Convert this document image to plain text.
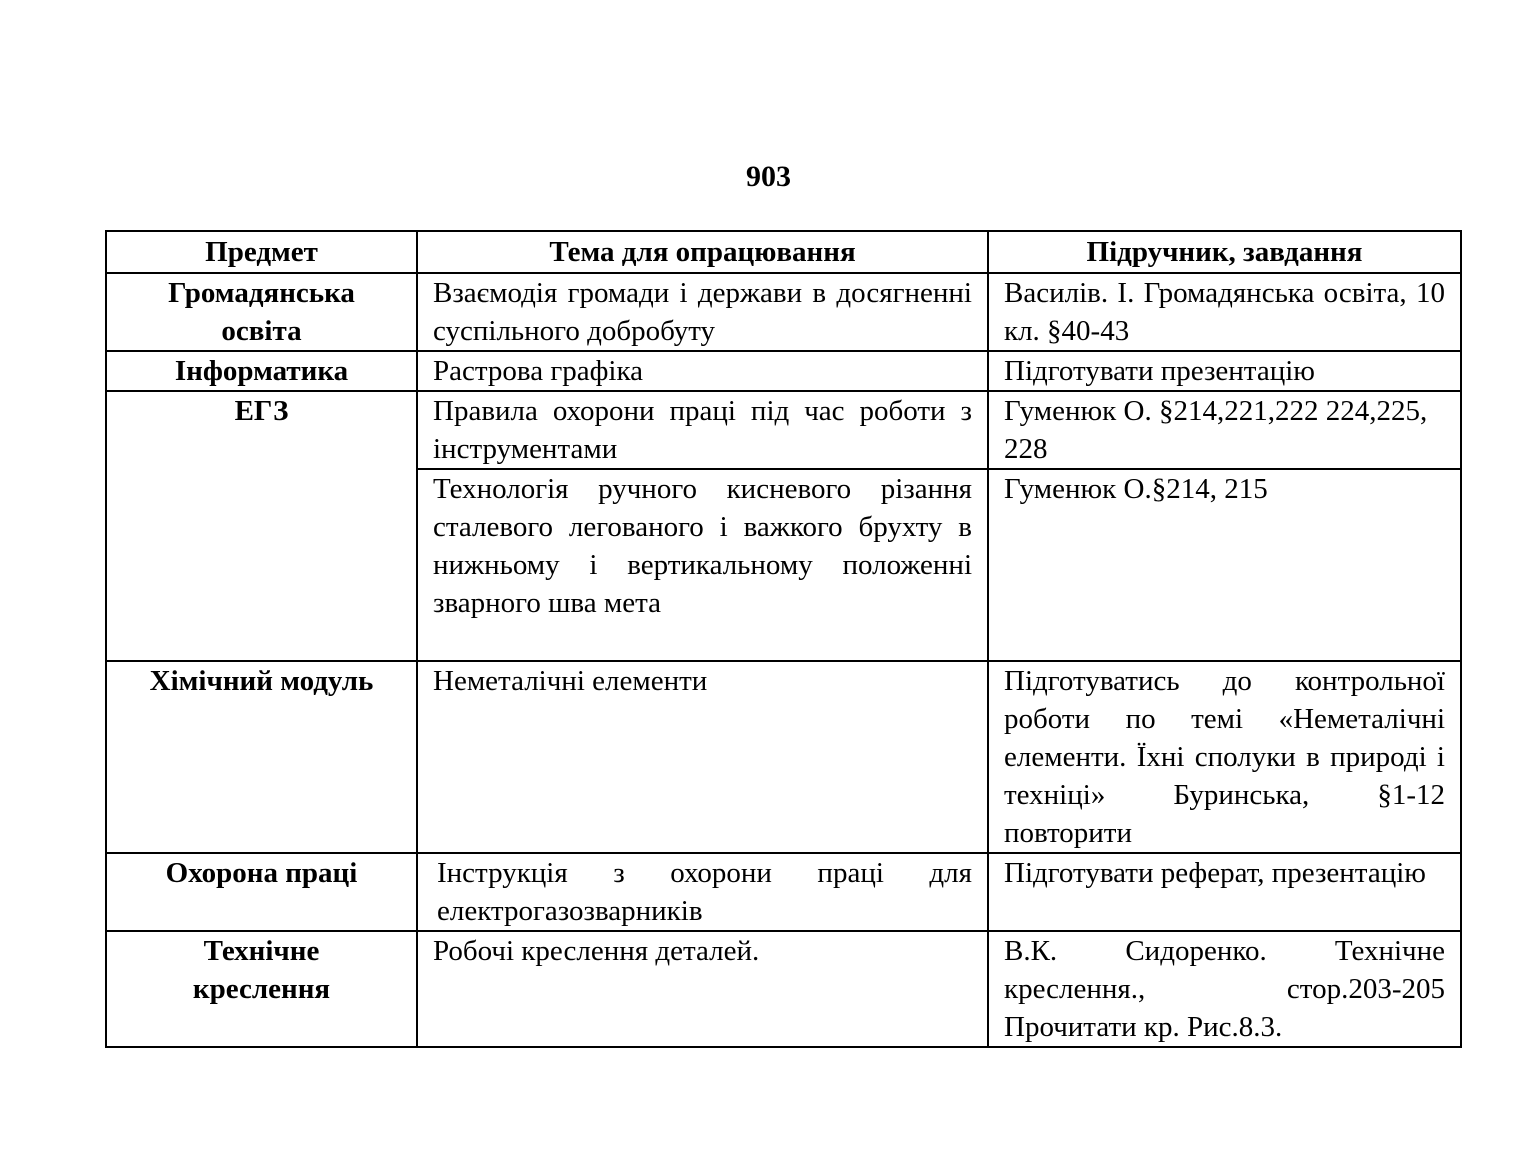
903
Предмет	Тема для опрацювання	Підручник, завдання

Громадянська освіта	Взаємодія громади і держави в досягненні суспільного добробуту	Василів. І. Громадянська освіта, 10 кл. §40-43

Інформатика	Растрова графіка	Підготувати презентацію

ЕГЗ	Правила охорони праці під час роботи з інструментами	Гуменюк О. §214,221,222 224,225, 228

	Технологія ручного кисневого різання сталевого легованого і важкого брухту в нижньому і вертикальному положенні зварного шва мета	Гуменюк О.§214, 215

Хімічний модуль	Неметалічні елементи	Підготуватись до контрольної роботи по темі «Неметалічні елементи. Їхні сполуки в природі і техніці» Буринська, §1-12 повторити

Охорона праці	Інструкція з охорони праці для електрогазозварників	Підготувати реферат, презентацію

Технічне креслення	Робочі креслення деталей.	В.К. Сидоренко. Технічне креслення., стор.203-205 Прочитати кр. Рис.8.3.
